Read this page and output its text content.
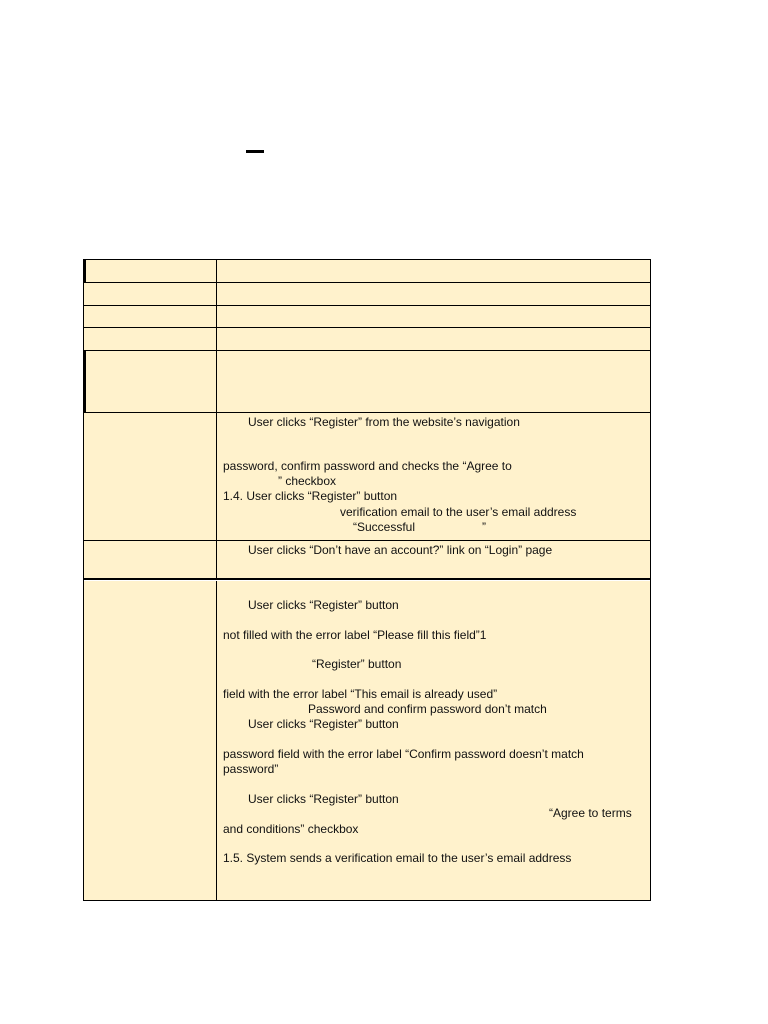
User clicks “Register” from the website’s navigation
password, confirm password and checks the “Agree to
” checkbox
1.4. User clicks “Register” button
verification email to the user’s email address
“Successful	”
User clicks “Don’t have an account?” link on “Login” page
User clicks “Register” button
not filled with the error label “Please fill this field”1
“Register” button
field with the error label “This email is already used”
Password and confirm password don’t match
User clicks “Register” button
password field with the error label “Confirm password doesn’t match
password”
User clicks “Register” button
“Agree to terms
and conditions” checkbox
1.5. System sends a verification email to the user’s email address
